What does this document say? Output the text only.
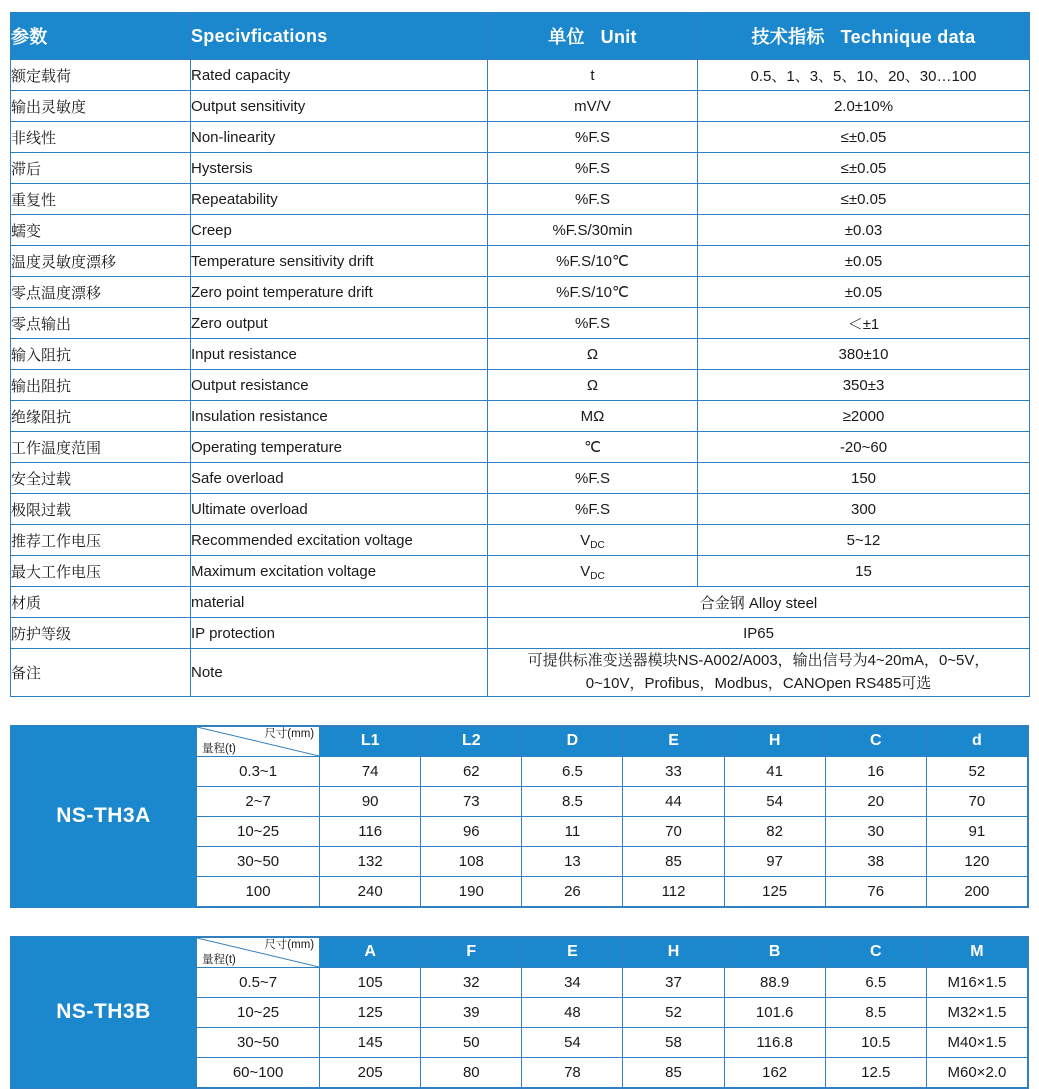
参数	Specivfications	单位 Unit	技术指标 Technique data
额定载荷	Rated capacity	t	0.5、1、3、5、10、20、30…100
输出灵敏度	Output sensitivity	mV/V	2.0±10%
非线性	Non-linearity	%F.S	≤±0.05
滞后	Hystersis	%F.S	≤±0.05
重复性	Repeatability	%F.S	≤±0.05
蠕变	Creep	%F.S/30min	±0.03
温度灵敏度漂移	Temperature sensitivity drift	%F.S/10℃	±0.05
零点温度漂移	Zero point temperature drift	%F.S/10℃	±0.05
零点输出	Zero output	%F.S	＜±1
输入阻抗	Input resistance	Ω	380±10
输出阻抗	Output resistance	Ω	350±3
绝缘阻抗	Insulation resistance	MΩ	≥2000
工作温度范围	Operating temperature	℃	-20~60
安全过载	Safe overload	%F.S	150
极限过载	Ultimate overload	%F.S	300
推荐工作电压	Recommended excitation voltage	$V_{DC}$	5~12
最大工作电压	Maximum excitation voltage	$V_{DC}$	15
材质	material	合金钢 Alloy steel	
防护等级	IP protection	IP65	
备注	Note	可提供标准变送器模块NS-A002/A003，输出信号为4~20mA，0~5V，
0~10V，Profibus，Modbus，CANOpen RS485可选	
NS-TH3A
尺寸(mm)
量程(t)	L1	L2	D	E	H	C	d
0.3~1	74	62	6.5	33	41	16	52
2~7	90	73	8.5	44	54	20	70
10~25	116	96	11	70	82	30	91
30~50	132	108	13	85	97	38	120
100	240	190	26	112	125	76	200
NS-TH3B
尺寸(mm)
量程(t)	A	F	E	H	B	C	M
0.5~7	105	32	34	37	88.9	6.5	M16×1.5
10~25	125	39	48	52	101.6	8.5	M32×1.5
30~50	145	50	54	58	116.8	10.5	M40×1.5
60~100	205	80	78	85	162	12.5	M60×2.0
